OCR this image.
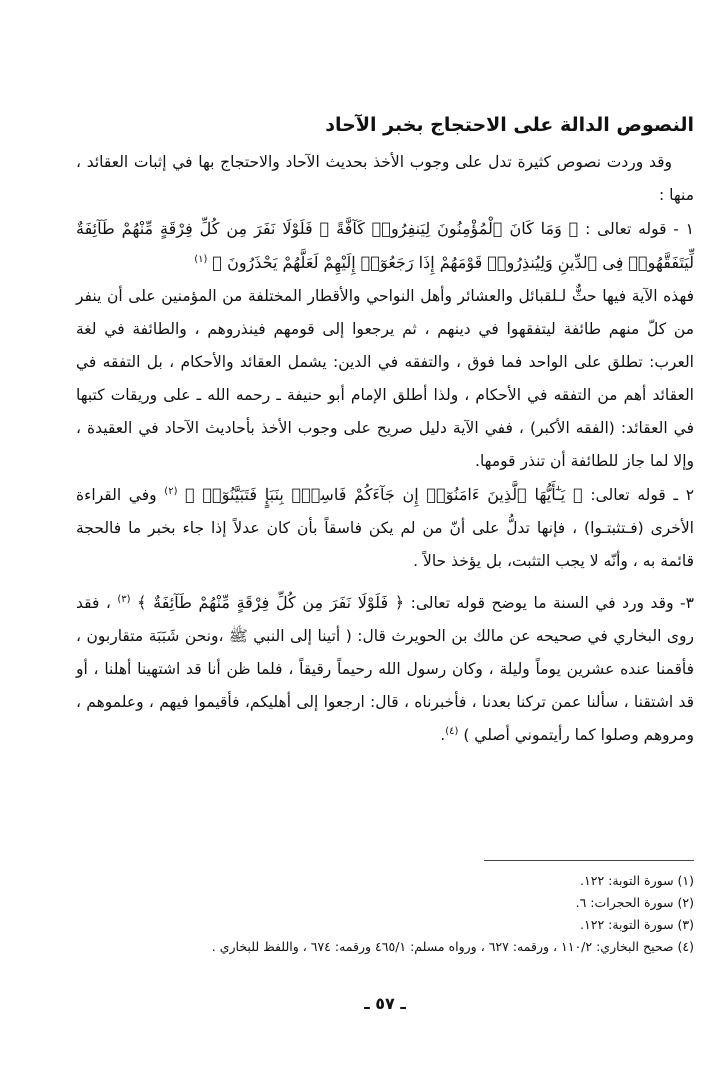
النصوص الدالة على الاحتجاج بخبر الآحاد

وقد وردت نصوص كثيرة تدل على وجوب الأخذ بحديث الآحاد والاحتجاج بها في إثبات العقائد ، منها :

١ - قوله تعالى : ﴿ وَمَا كَانَ ٱلْمُؤْمِنُونَ لِيَنفِرُوا۟ كَآفَّةً ۚ فَلَوْلَا نَفَرَ مِن كُلِّ فِرْقَةٍ مِّنْهُمْ طَآئِفَةٌ لِّيَتَفَقَّهُوا۟ فِى ٱلدِّينِ وَلِيُنذِرُوا۟ قَوْمَهُمْ إِذَا رَجَعُوٓا۟ إِلَيْهِمْ لَعَلَّهُمْ يَحْذَرُونَ ﴾ $^{(١)}$

فهذه الآية فيها حثٌّ لـلقبائل والعشائر وأهل النواحي والأقطار المختلفة من المؤمنين على أن ينفر من كلّ منهم طائفة ليتفقهوا في دينهم ، ثم يرجعوا إلى قومهم فينذروهم ، والطائفة في لغة العرب: تطلق على الواحد فما فوق ، والتفقه في الدين: يشمل العقائد والأحكام ، بل التفقه في العقائد أهم من التفقه في الأحكام ، ولذا أطلق الإمام أبو حنيفة ـ رحمه الله ـ على وريقات كتبها في العقائد: (الفقه الأكبر) ، ففي الآية دليل صريح على وجوب الأخذ بأحاديث الآحاد في العقيدة ، وإلا لما جاز للطائفة أن تنذر قومها.

٢ ـ قوله تعالى: ﴿ يَـٰٓأَيُّهَا ٱلَّذِينَ ءَامَنُوٓا۟ إِن جَآءَكُمْ فَاسِقٌۢ بِنَبَإٍ فَتَبَيَّنُوٓا۟ ﴾ $^{(٢)}$ وفي القراءة الأخرى (فـتثبتـوا) ، فإنها تدلُّ على أنّ من لم يكن فاسقاً بأن كان عدلاً إذا جاء بخبر ما فالحجة قائمة به ، وأنّه لا يجب التثبت، بل يؤخذ حالاً .

٣- وقد ورد في السنة ما يوضح قوله تعالى: ﴿ فَلَوْلَا نَفَرَ مِن كُلِّ فِرْقَةٍ مِّنْهُمْ طَآئِفَةٌ ﴾ $^{(٣)}$ ، فقد روى البخاري في صحيحه عن مالك بن الحويرث قال: ( أتينا إلى النبي ﷺ ،ونحن شَبَبَة متقاربون ، فأقمنا عنده عشرين يوماً وليلة ، وكان رسول الله رحيماً رقيقاً ، فلما ظن أنا قد اشتهينا أهلنا ، أو قد اشتقنا ، سألنا عمن تركنا بعدنا ، فأخبرناه ، قال: ارجعوا إلى أهليكم، فأقيموا فيهم ، وعلموهم ، ومروهم وصلوا كما رأيتموني أصلي ) $^{(٤)}$.

(١) سورة التوبة: ١٢٢.

(٢) سورة الحجرات: ٦.

(٣) سورة التوبة: ١٢٢.

(٤) صحيح البخاري: ١١٠/٢ ، ورقمه: ٦٢٧ ، ورواه مسلم: ٤٦٥/١ ورقمه: ٦٧٤ ، واللفظ للبخاري .

ـ ٥٧ ـ
